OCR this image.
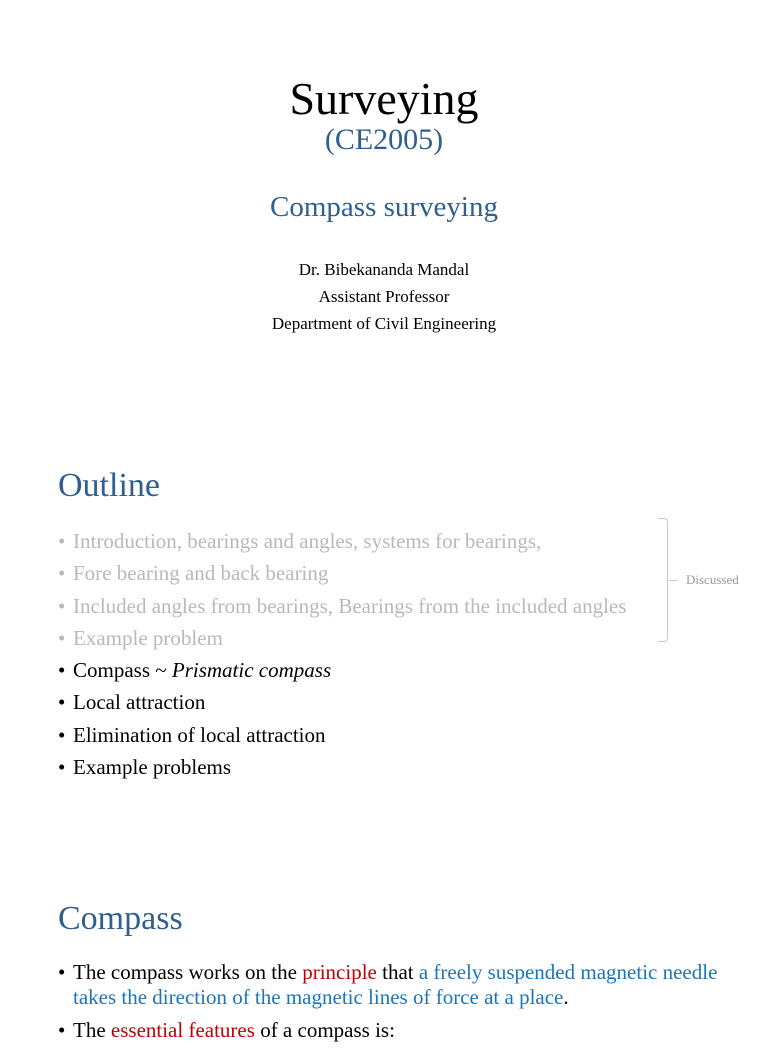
Surveying
(CE2005)
Compass surveying
Dr. Bibekananda Mandal
Assistant Professor
Department of Civil Engineering
Outline
• Introduction, bearings and angles, systems for bearings,
• Fore bearing and back bearing
• Included angles from bearings, Bearings from the included angles
• Example problem
• Compass ~ Prismatic compass
• Local attraction
• Elimination of local attraction
• Example problems
Discussed
Compass
• The compass works on the principle that a freely suspended magnetic needle takes the direction of the magnetic lines of force at a place.
• The essential features of a compass is:
